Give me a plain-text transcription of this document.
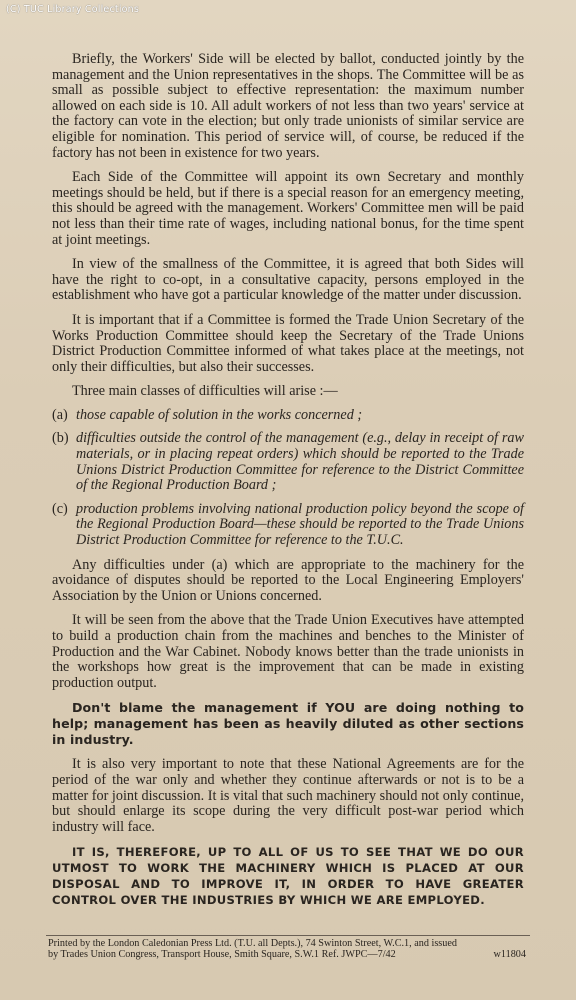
(C) TUC Library Collections

Briefly, the Workers' Side will be elected by ballot, conducted jointly by the management and the Union representatives in the shops. The Committee will be as small as possible subject to effective representation: the maximum number allowed on each side is 10. All adult workers of not less than two years' service at the factory can vote in the election; but only trade unionists of similar service are eligible for nomination. This period of service will, of course, be reduced if the factory has not been in existence for two years.

Each Side of the Committee will appoint its own Secretary and monthly meetings should be held, but if there is a special reason for an emergency meeting, this should be agreed with the management. Workers' Committee men will be paid not less than their time rate of wages, including national bonus, for the time spent at joint meetings.

In view of the smallness of the Committee, it is agreed that both Sides will have the right to co-opt, in a consultative capacity, persons employed in the establishment who have got a particular knowledge of the matter under discussion.

It is important that if a Committee is formed the Trade Union Secretary of the Works Production Committee should keep the Secretary of the Trade Unions District Production Committee informed of what takes place at the meetings, not only their difficulties, but also their successes.

Three main classes of difficulties will arise :—

(a) those capable of solution in the works concerned ;
(b) difficulties outside the control of the management (e.g., delay in receipt of raw materials, or in placing repeat orders) which should be reported to the Trade Unions District Production Committee for reference to the District Committee of the Regional Production Board ;
(c) production problems involving national production policy beyond the scope of the Regional Production Board—these should be reported to the Trade Unions District Production Committee for reference to the T.U.C.

Any difficulties under (a) which are appropriate to the machinery for the avoidance of disputes should be reported to the Local Engineering Employers' Association by the Union or Unions concerned.

It will be seen from the above that the Trade Union Executives have attempted to build a production chain from the machines and benches to the Minister of Production and the War Cabinet. Nobody knows better than the trade unionists in the workshops how great is the improvement that can be made in existing production output.

Don't blame the management if YOU are doing nothing to help; management has been as heavily diluted as other sections in industry.

It is also very important to note that these National Agreements are for the period of the war only and whether they continue afterwards or not is to be a matter for joint discussion. It is vital that such machinery should not only continue, but should enlarge its scope during the very difficult post-war period which industry will face.

IT IS, THEREFORE, UP TO ALL OF US TO SEE THAT WE DO OUR UTMOST TO WORK THE MACHINERY WHICH IS PLACED AT OUR DISPOSAL AND TO IMPROVE IT, IN ORDER TO HAVE GREATER CONTROL OVER THE INDUSTRIES BY WHICH WE ARE EMPLOYED.

Printed by the London Caledonian Press Ltd. (T.U. all Depts.), 74 Swinton Street, W.C.1, and issued
by Trades Union Congress, Transport House, Smith Square, S.W.1 Ref. JWPC—7/42	w11804
